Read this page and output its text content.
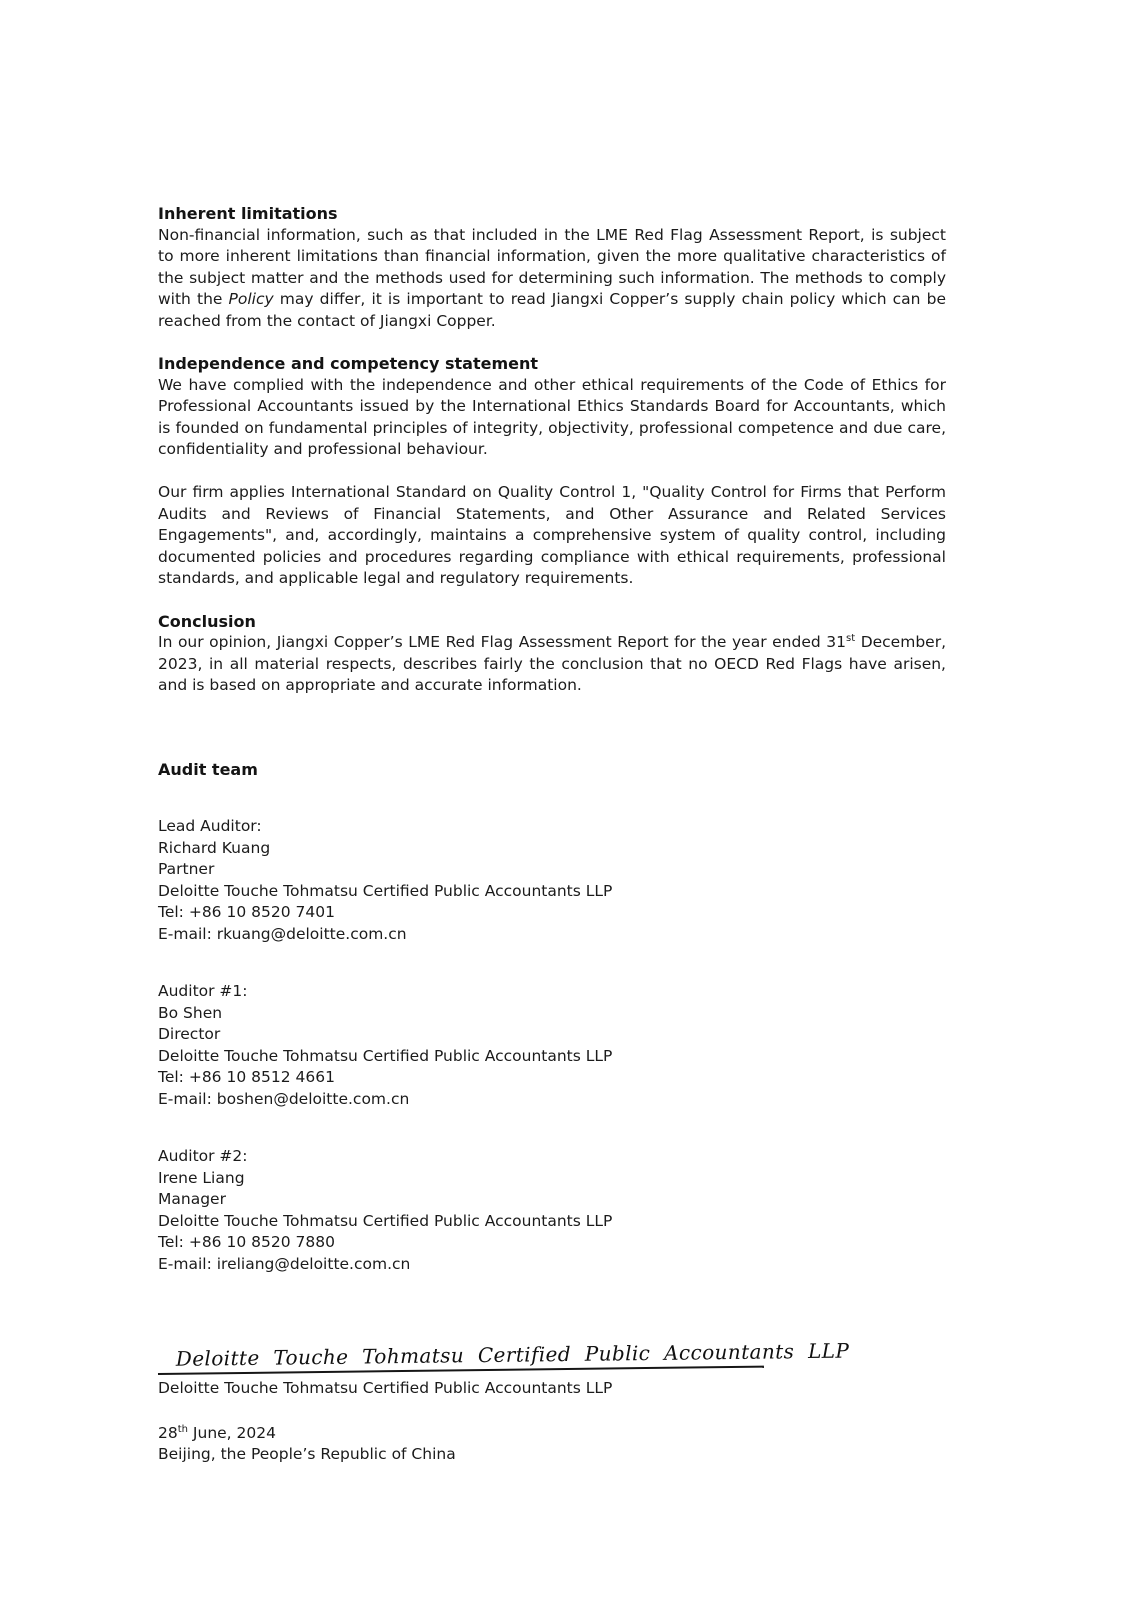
Inherent limitations

Non-financial information, such as that included in the LME Red Flag Assessment Report, is subject to more inherent limitations than financial information, given the more qualitative characteristics of the subject matter and the methods used for determining such information. The methods to comply with the Policy may differ, it is important to read Jiangxi Copper’s supply chain policy which can be reached from the contact of Jiangxi Copper.

Independence and competency statement

We have complied with the independence and other ethical requirements of the Code of Ethics for Professional Accountants issued by the International Ethics Standards Board for Accountants, which is founded on fundamental principles of integrity, objectivity, professional competence and due care, confidentiality and professional behaviour.

Our firm applies International Standard on Quality Control 1, "Quality Control for Firms that Perform Audits and Reviews of Financial Statements, and Other Assurance and Related Services Engagements", and, accordingly, maintains a comprehensive system of quality control, including documented policies and procedures regarding compliance with ethical requirements, professional standards, and applicable legal and regulatory requirements.

Conclusion

In our opinion, Jiangxi Copper’s LME Red Flag Assessment Report for the year ended 31st December, 2023, in all material respects, describes fairly the conclusion that no OECD Red Flags have arisen, and is based on appropriate and accurate information.

Audit team
Lead Auditor:
Richard Kuang
Partner
Deloitte Touche Tohmatsu Certified Public Accountants LLP
Tel: +86 10 8520 7401
E-mail: rkuang@deloitte.com.cn
Auditor #1:
Bo Shen
Director
Deloitte Touche Tohmatsu Certified Public Accountants LLP
Tel: +86 10 8512 4661
E-mail: boshen@deloitte.com.cn
Auditor #2:
Irene Liang
Manager
Deloitte Touche Tohmatsu Certified Public Accountants LLP
Tel: +86 10 8520 7880
E-mail: ireliang@deloitte.com.cn
Deloitte Touche Tohmatsu Certified Public Accountants LLP
Deloitte Touche Tohmatsu Certified Public Accountants LLP
28th June, 2024
Beijing, the People’s Republic of China
